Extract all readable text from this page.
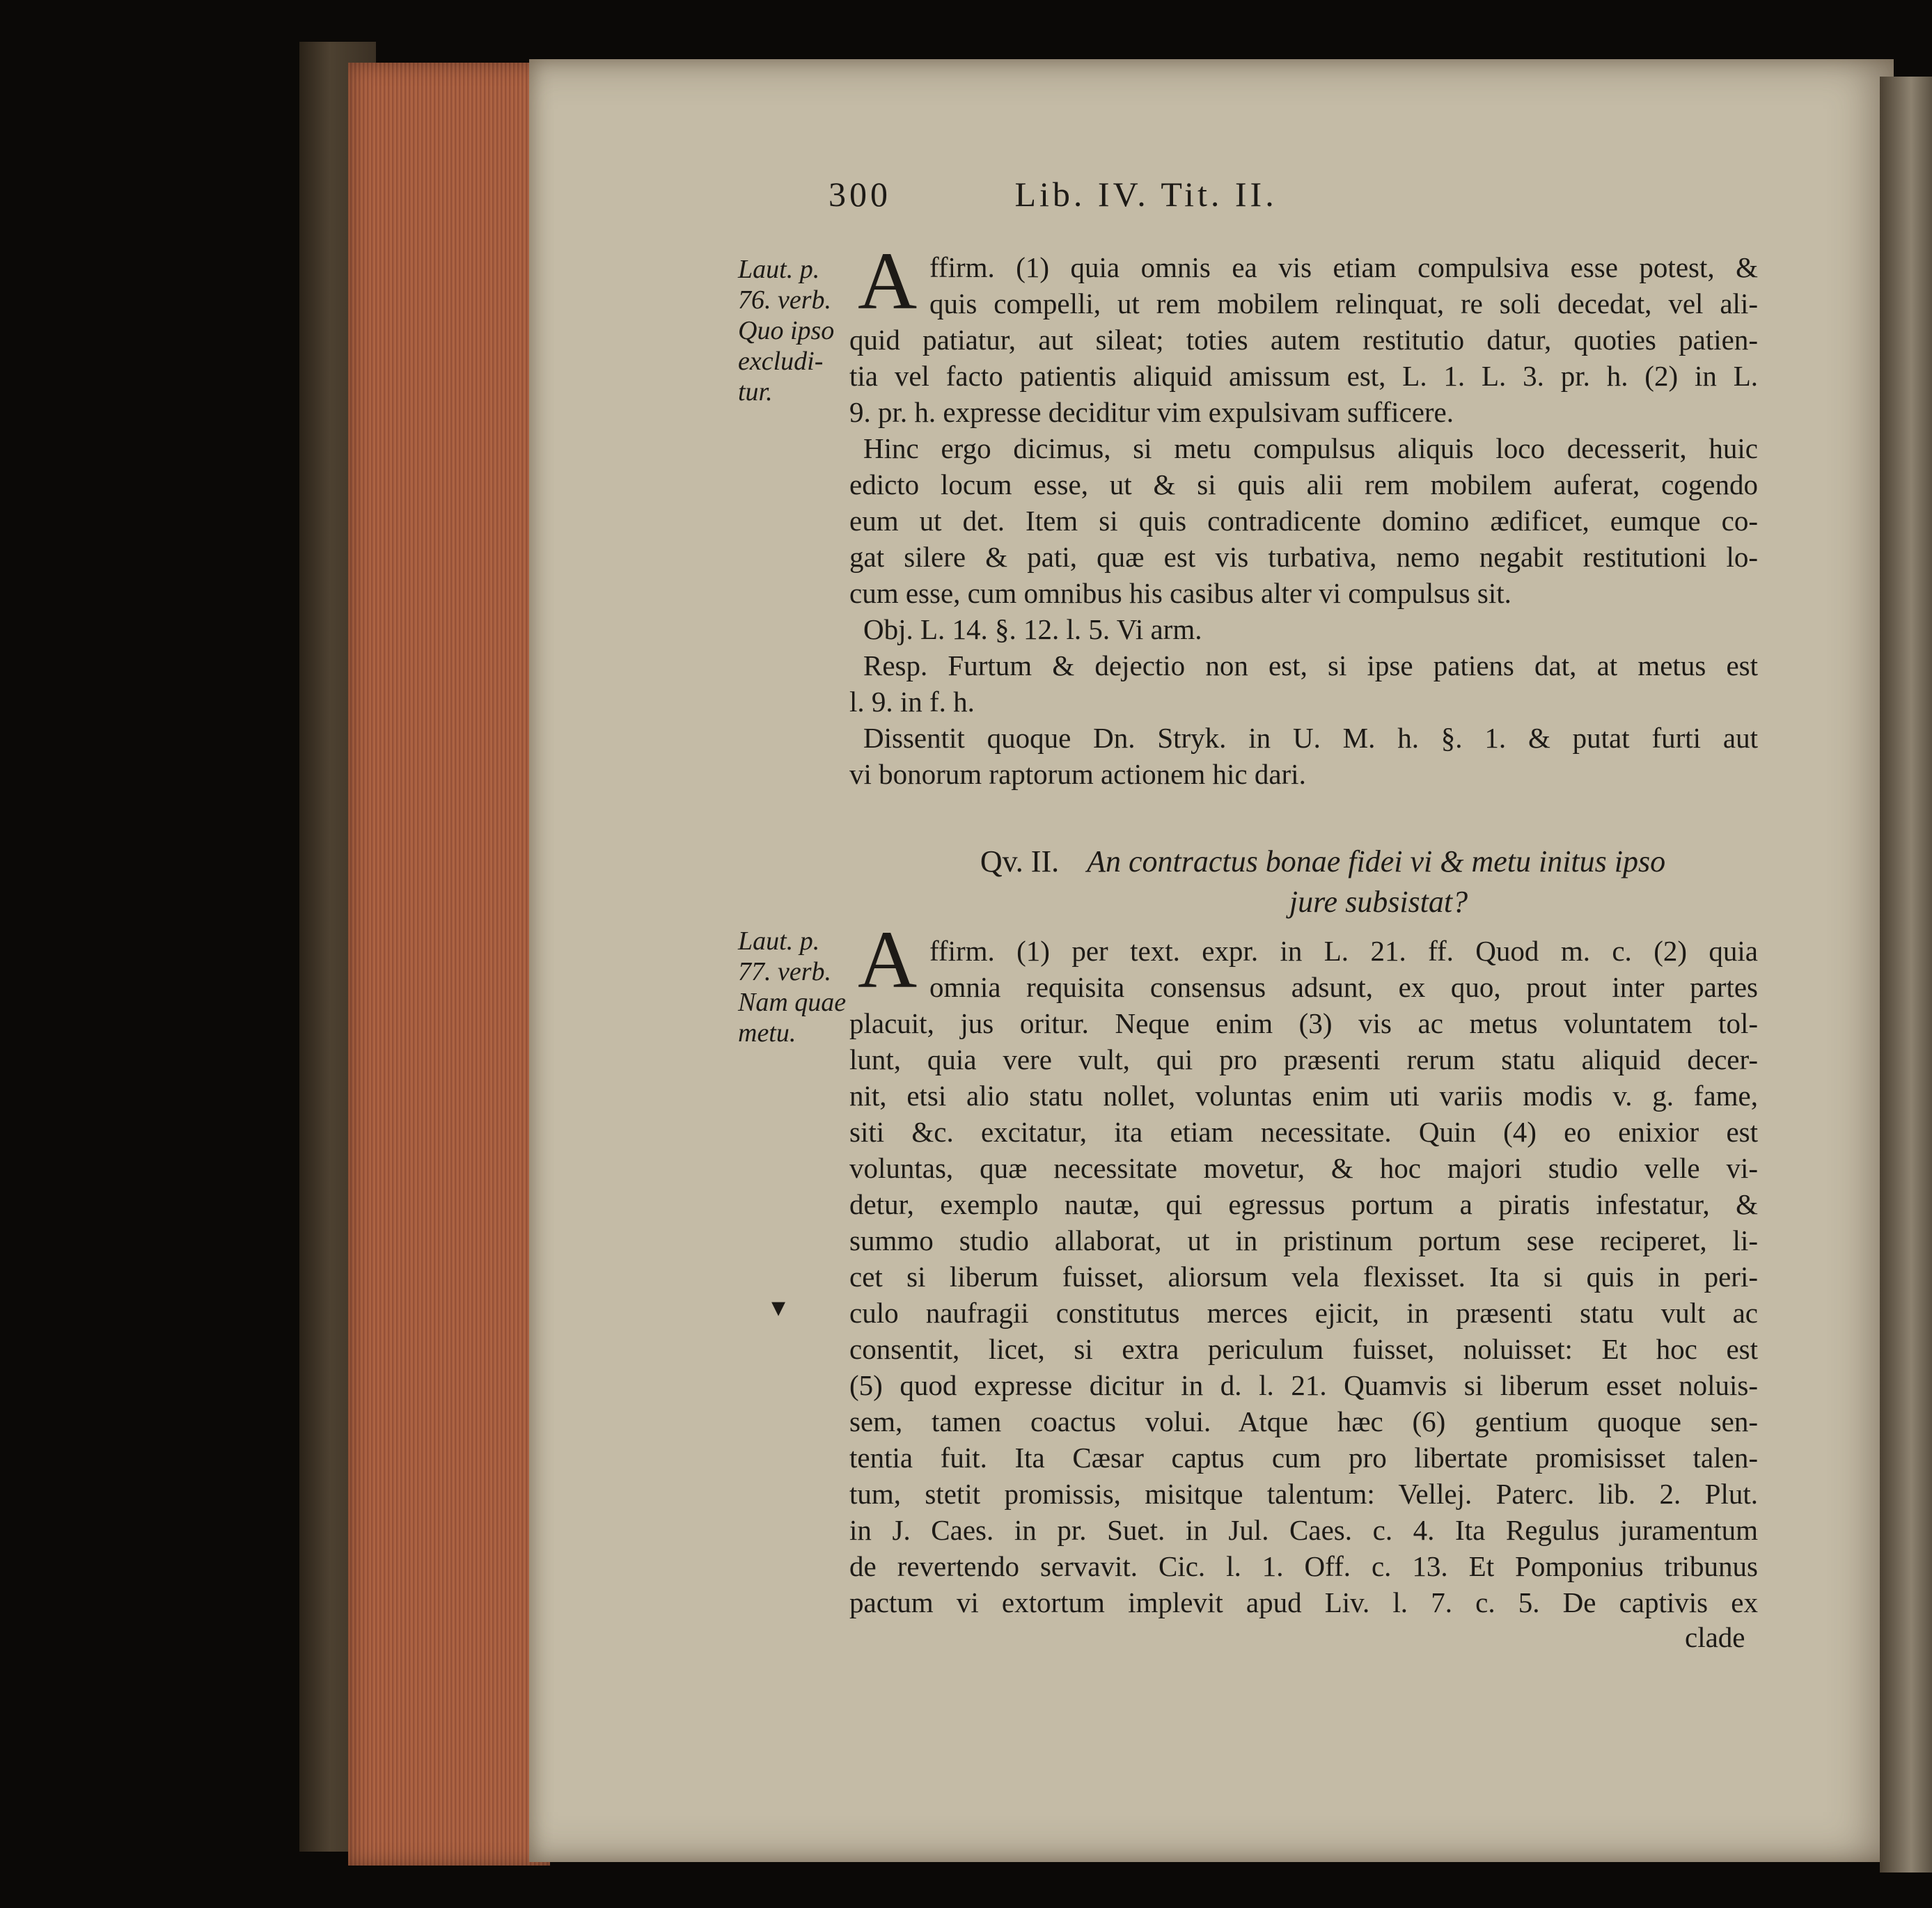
300	Lib. IV. Tit. II.
Laut. p.
76. verb.
Quo ipso
excludi-
tur.
A ffirm. (1) quia omnis ea vis etiam compulsiva esse potest, &
quis compelli, ut rem mobilem relinquat, re soli decedat, vel ali-
quid patiatur, aut sileat; toties autem restitutio datur, quoties patien-
tia vel facto patientis aliquid amissum est, L. 1. L. 3. pr. h. (2) in L.
9. pr. h. expresse deciditur vim expulsivam sufficere.
Hinc ergo dicimus, si metu compulsus aliquis loco decesserit, huic
edicto locum esse, ut & si quis alii rem mobilem auferat, cogendo
eum ut det. Item si quis contradicente domino ædificet, eumque co-
gat silere & pati, quæ est vis turbativa, nemo negabit restitutioni lo-
cum esse, cum omnibus his casibus alter vi compulsus sit.
Obj. L. 14. §. 12. l. 5. Vi arm.
Resp. Furtum & dejectio non est, si ipse patiens dat, at metus est
l. 9. in f. h.
Dissentit quoque Dn. Stryk. in U. M. h. §. 1. & putat furti aut
vi bonorum raptorum actionem hic dari.
Qv. II. An contractus bonae fidei vi & metu initus ipso
jure subsistat?
Laut. p.
77. verb.
Nam quae
metu.
A ffirm. (1) per text. expr. in L. 21. ff. Quod m. c. (2) quia
omnia requisita consensus adsunt, ex quo, prout inter partes
placuit, jus oritur. Neque enim (3) vis ac metus voluntatem tol-
lunt, quia vere vult, qui pro præsenti rerum statu aliquid decer-
nit, etsi alio statu nollet, voluntas enim uti variis modis v. g. fame,
siti &c. excitatur, ita etiam necessitate. Quin (4) eo enixior est
voluntas, quæ necessitate movetur, & hoc majori studio velle vi-
detur, exemplo nautæ, qui egressus portum a piratis infestatur, &
summo studio allaborat, ut in pristinum portum sese reciperet, li-
cet si liberum fuisset, aliorsum vela flexisset. Ita si quis in peri-
culo naufragii constitutus merces ejicit, in præsenti statu vult ac
consentit, licet, si extra periculum fuisset, noluisset: Et hoc est
(5) quod expresse dicitur in d. l. 21. Quamvis si liberum esset noluis-
sem, tamen coactus volui. Atque hæc (6) gentium quoque sen-
tentia fuit. Ita Cæsar captus cum pro libertate promisisset talen-
tum, stetit promissis, misitque talentum: Vellej. Paterc. lib. 2. Plut.
in J. Caes. in pr. Suet. in Jul. Caes. c. 4. Ita Regulus juramentum
de revertendo servavit. Cic. l. 1. Off. c. 13. Et Pomponius tribunus
pactum vi extortum implevit apud Liv. l. 7. c. 5. De captivis ex
clade
▾
